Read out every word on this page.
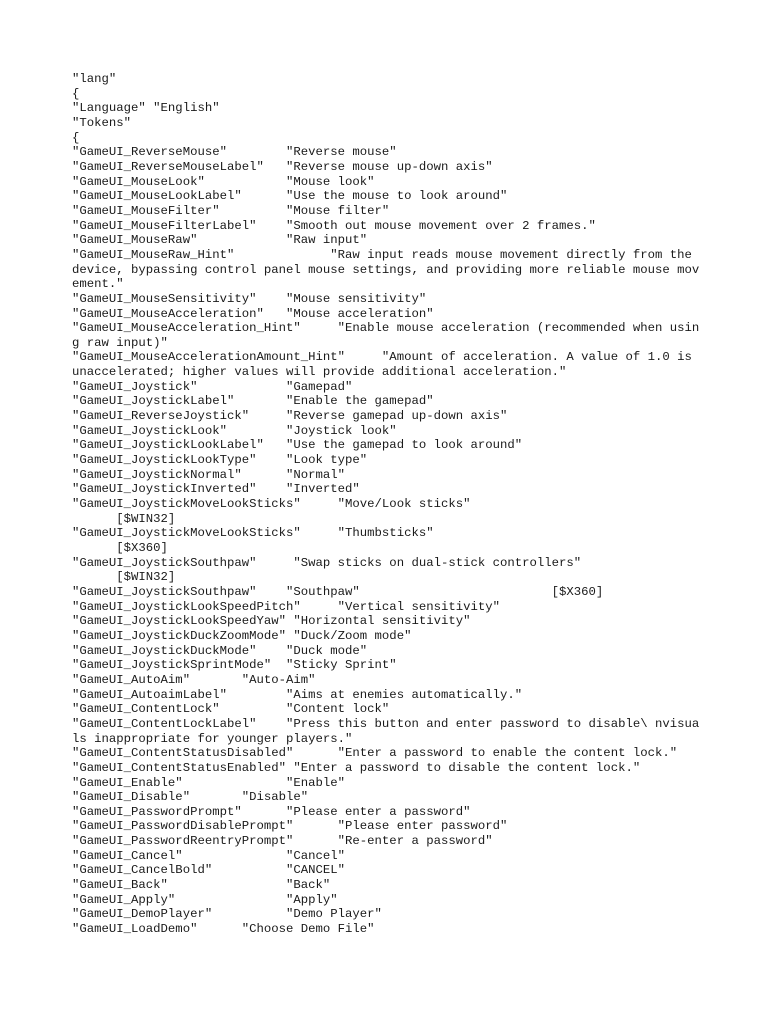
"lang"
{
"Language" "English"
"Tokens"
{
"GameUI_ReverseMouse"        "Reverse mouse"
"GameUI_ReverseMouseLabel"   "Reverse mouse up-down axis"
"GameUI_MouseLook"           "Mouse look"
"GameUI_MouseLookLabel"      "Use the mouse to look around"
"GameUI_MouseFilter"         "Mouse filter"
"GameUI_MouseFilterLabel"    "Smooth out mouse movement over 2 frames."
"GameUI_MouseRaw"            "Raw input"
"GameUI_MouseRaw_Hint"             "Raw input reads mouse movement directly from the device, bypassing control panel mouse settings, and providing more reliable mouse movement."
"GameUI_MouseSensitivity"    "Mouse sensitivity"
"GameUI_MouseAcceleration"   "Mouse acceleration"
"GameUI_MouseAcceleration_Hint"     "Enable mouse acceleration (recommended when using raw input)"
"GameUI_MouseAccelerationAmount_Hint"     "Amount of acceleration. A value of 1.0 is unaccelerated; higher values will provide additional acceleration."
"GameUI_Joystick"            "Gamepad"
"GameUI_JoystickLabel"       "Enable the gamepad"
"GameUI_ReverseJoystick"     "Reverse gamepad up-down axis"
"GameUI_JoystickLook"        "Joystick look"
"GameUI_JoystickLookLabel"   "Use the gamepad to look around"
"GameUI_JoystickLookType"    "Look type"
"GameUI_JoystickNormal"      "Normal"
"GameUI_JoystickInverted"    "Inverted"
"GameUI_JoystickMoveLookSticks"     "Move/Look sticks"
[$WIN32]
"GameUI_JoystickMoveLookSticks"     "Thumbsticks"
[$X360]
"GameUI_JoystickSouthpaw"     "Swap sticks on dual-stick controllers"
[$WIN32]
"GameUI_JoystickSouthpaw"    "Southpaw"                          [$X360]
"GameUI_JoystickLookSpeedPitch"     "Vertical sensitivity"
"GameUI_JoystickLookSpeedYaw" "Horizontal sensitivity"
"GameUI_JoystickDuckZoomMode" "Duck/Zoom mode"
"GameUI_JoystickDuckMode"    "Duck mode"
"GameUI_JoystickSprintMode"  "Sticky Sprint"
"GameUI_AutoAim"       "Auto-Aim"
"GameUI_AutoaimLabel"        "Aims at enemies automatically."
"GameUI_ContentLock"         "Content lock"
"GameUI_ContentLockLabel"    "Press this button and enter password to disable\ nvisuals inappropriate for younger players."
"GameUI_ContentStatusDisabled"      "Enter a password to enable the content lock."
"GameUI_ContentStatusEnabled" "Enter a password to disable the content lock."
"GameUI_Enable"              "Enable"
"GameUI_Disable"       "Disable"
"GameUI_PasswordPrompt"      "Please enter a password"
"GameUI_PasswordDisablePrompt"      "Please enter password"
"GameUI_PasswordReentryPrompt"      "Re-enter a password"
"GameUI_Cancel"              "Cancel"
"GameUI_CancelBold"          "CANCEL"
"GameUI_Back"                "Back"
"GameUI_Apply"               "Apply"
"GameUI_DemoPlayer"          "Demo Player"
"GameUI_LoadDemo"      "Choose Demo File"
